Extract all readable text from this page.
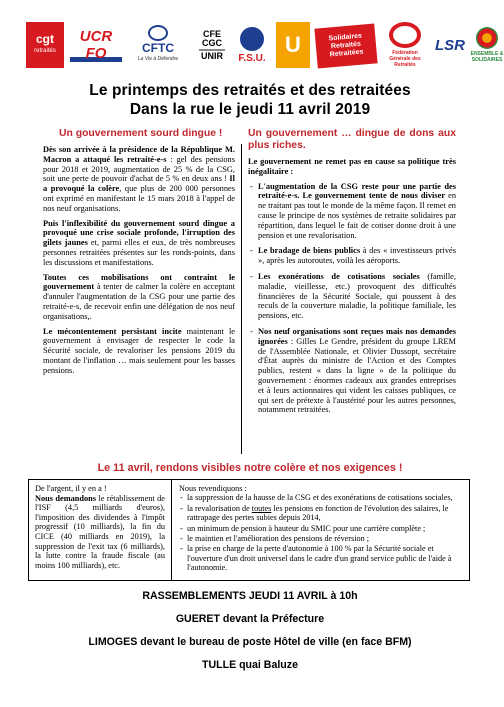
cgt
retraités
UCR FO	CFTC
La Vie à Défendre
CFE CGC
UNIR F.S.U.
U	Solidaires Retraités Retraitées	Fédération Générale des Retraités
LSR
ENSEMBLE & SOLIDAIRES
Le printemps des retraités et des retraitées
Dans la rue le jeudi 11 avril 2019
Un gouvernement sourd dingue !

Dès son arrivée à la présidence de la République M. Macron a attaqué les retraité-e-s : gel des pensions pour 2018 et 2019, augmentation de 25 % de la CSG, soit une perte de pouvoir d'achat de 5 % en deux ans ! Il a provoqué la colère, que plus de 200 000 personnes ont exprimé en manifestant le 15 mars 2018 à l'appel de nos neuf organisations.

Puis l'inflexibilité du gouvernement sourd dingue a provoqué une crise sociale profonde, l'irruption des gilets jaunes et, parmi elles et eux, de très nombreuses personnes retraitées présentes sur les ronds-points, dans les discussions et manifestations.

Toutes ces mobilisations ont contraint le gouvernement à tenter de calmer la colère en acceptant d'annuler l'augmentation de la CSG pour une partie des retraité-e-s, de recevoir enfin une délégation de nos neuf organisations,.

Le mécontentement persistant incite maintenant le gouvernement à envisager de respecter le code la Sécurité sociale, de revaloriser les pensions 2019 du montant de l'inflation … mais seulement pour les basses pensions.

Un gouvernement … dingue de dons aux plus riches.

Le gouvernement ne remet pas en cause sa politique très inégalitaire :

- L'augmentation de la CSG reste pour une partie des retraité-e-s. Le gouvernement tente de nous diviser en ne traitant pas tout le monde de la même façon. Il remet en cause le principe de nos systèmes de retraite solidaires par répartition, dans lequel le fait de cotiser donne droit à une pension et une revalorisation.
- Le bradage de biens publics à des « investisseurs privés », après les autoroutes, voilà les aéroports.
- Les exonérations de cotisations sociales (famille, maladie, vieillesse, etc.) provoquent des difficultés financières de la Sécurité Sociale, qui poussent à des reculs de la couverture maladie, la politique familiale, les pensions, etc.
- Nos neuf organisations sont reçues mais nos demandes ignorées : Gilles Le Gendre, président du groupe LREM de l'Assemblée Nationale, et Olivier Dussopt, secrétaire d'État auprès du ministre de l'Action et des Comptes publics, restent « dans la ligne » de la politique du gouvernement : énormes cadeaux aux grandes entreprises et à leurs actionnaires qui vident les caisses publiques, ce qui sert de prétexte à l'austérité pour les autres personnes, notamment retraitées.
Le 11 avril, rendons visibles notre colère et nos exigences !
De l'argent, il y en a !
Nous demandons le rétablissement de l'ISF (4,5 milliards d'euros), l'imposition des dividendes à l'impôt progressif (10 milliards), la fin du CICE (40 milliards en 2019), la suppression de l'exit tax (6 milliards), la lutte contre la fraude fiscale (au moins 100 milliards), etc.
Nous revendiquons :
- la suppression de la hausse de la CSG et des exonérations de cotisations sociales,
- la revalorisation de toutes les pensions en fonction de l'évolution des salaires, le rattrapage des pertes subies depuis 2014,
- un minimum de pension à hauteur du SMIC pour une carrière complète ;
- le maintien et l'amélioration des pensions de réversion ;
- la prise en charge de la perte d'autonomie à 100 % par la Sécurité sociale et l'ouverture d'un droit universel dans le cadre d'un grand service public de l'aide à l'autonomie.
RASSEMBLEMENTS JEUDI 11 AVRIL à 10h
GUERET devant la Préfecture
LIMOGES devant le bureau de poste Hôtel de ville (en face BFM)
TULLE quai Baluze
